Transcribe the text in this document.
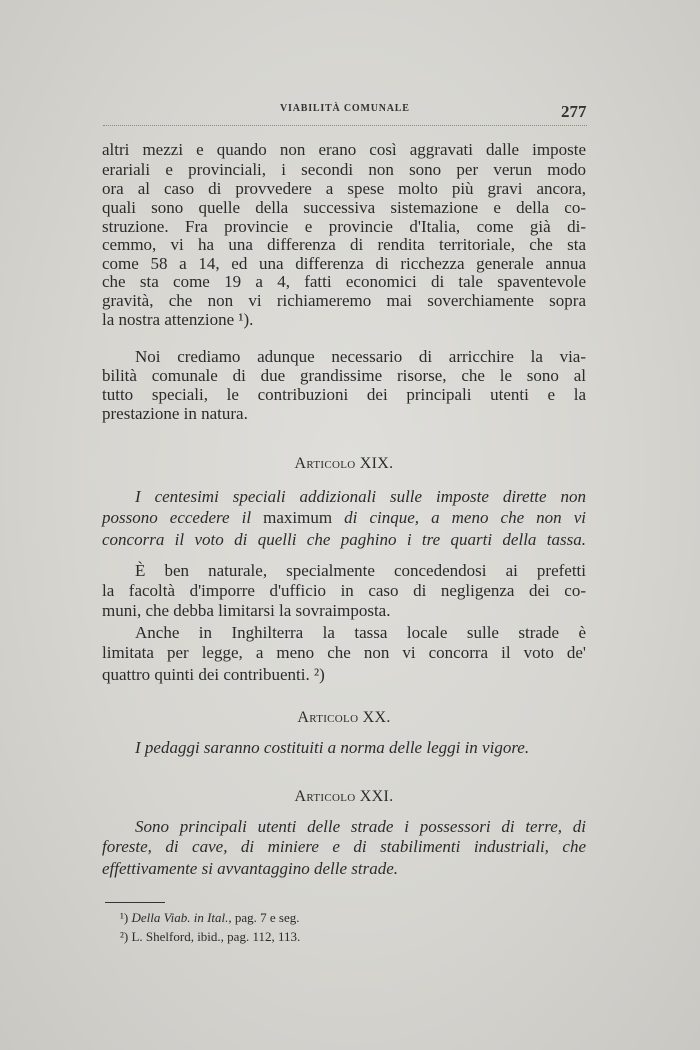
VIABILITÀ COMUNALE	277
altri mezzi e quando non erano così aggravati dalle imposte
erariali e provinciali, i secondi non sono per verun modo
ora al caso di provvedere a spese molto più gravi ancora,
quali sono quelle della successiva sistemazione e della co-
struzione. Fra provincie e provincie d'Italia, come già di-
cemmo, vi ha una differenza di rendita territoriale, che sta
come 58 a 14, ed una differenza di ricchezza generale annua
che sta come 19 a 4, fatti economici di tale spaventevole
gravità, che non vi richiameremo mai soverchiamente sopra
la nostra attenzione ¹).
Noi crediamo adunque necessario di arricchire la via-
bilità comunale di due grandissime risorse, che le sono al
tutto speciali, le contribuzioni dei principali utenti e la
prestazione in natura.
Articolo XIX.
I centesimi speciali addizionali sulle imposte dirette non
possono eccedere il maximum di cinque, a meno che non vi
concorra il voto di quelli che paghino i tre quarti della tassa.
È ben naturale, specialmente concedendosi ai prefetti
la facoltà d'imporre d'ufficio in caso di negligenza dei co-
muni, che debba limitarsi la sovraimposta.
Anche in Inghilterra la tassa locale sulle strade è
limitata per legge, a meno che non vi concorra il voto de'
quattro quinti dei contribuenti. ²)
Articolo XX.
I pedaggi saranno costituiti a norma delle leggi in vigore.
Articolo XXI.
Sono principali utenti delle strade i possessori di terre, di
foreste, di cave, di miniere e di stabilimenti industriali, che
effettivamente si avvantaggino delle strade.
¹) Della Viab. in Ital., pag. 7 e seg.
²) L. Shelford, ibid., pag. 112, 113.
